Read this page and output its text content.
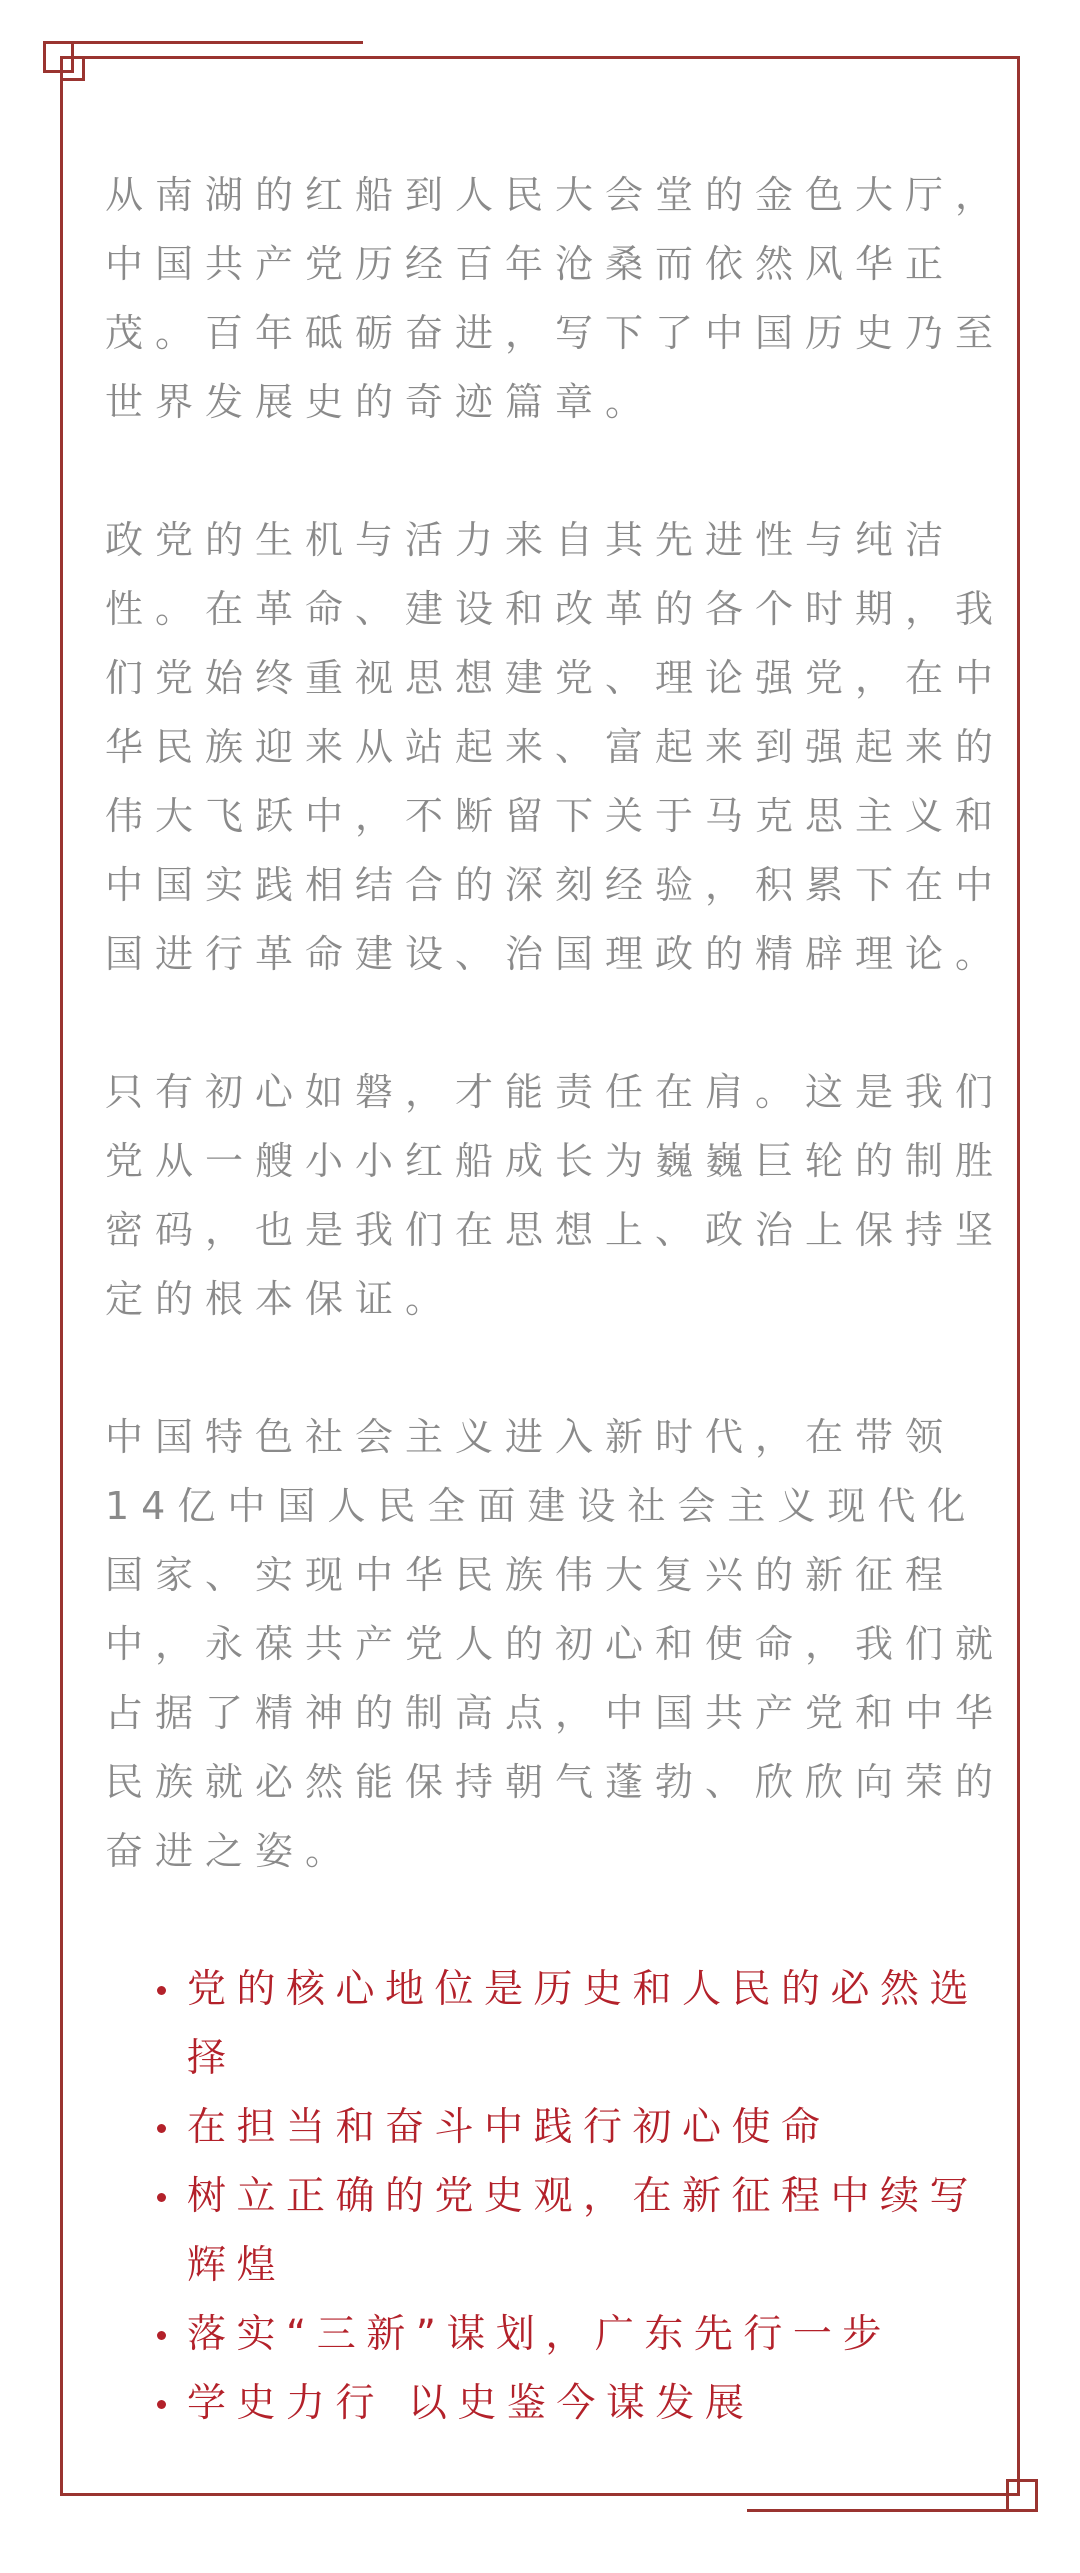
从南湖的红船到人民大会堂的金色大厅，
中国共产党历经百年沧桑而依然风华正
茂。百年砥砺奋进，写下了中国历史乃至
世界发展史的奇迹篇章。
政党的生机与活力来自其先进性与纯洁
性。在革命、建设和改革的各个时期，我
们党始终重视思想建党、理论强党，在中
华民族迎来从站起来、富起来到强起来的
伟大飞跃中，不断留下关于马克思主义和
中国实践相结合的深刻经验，积累下在中
国进行革命建设、治国理政的精辟理论。
只有初心如磐，才能责任在肩。这是我们
党从一艘小小红船成长为巍巍巨轮的制胜
密码，也是我们在思想上、政治上保持坚
定的根本保证。
中国特色社会主义进入新时代，在带领
14亿中国人民全面建设社会主义现代化
国家、实现中华民族伟大复兴的新征程
中，永葆共产党人的初心和使命，我们就
占据了精神的制高点，中国共产党和中华
民族就必然能保持朝气蓬勃、欣欣向荣的
奋进之姿。
党的核心地位是历史和人民的必然选
择
在担当和奋斗中践行初心使命
树立正确的党史观，在新征程中续写
辉煌
落实“三新”谋划，广东先行一步
学史力行 以史鉴今谋发展
